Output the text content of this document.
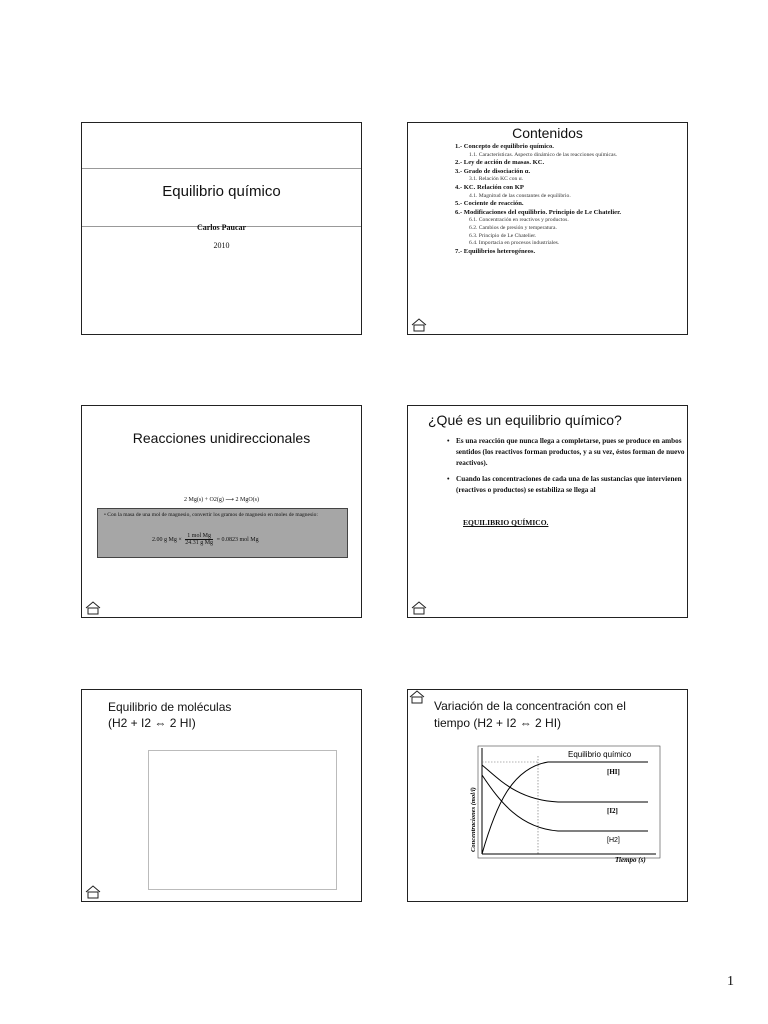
Equilibrio químico
Carlos Paucar
2010
Contenidos
1.- Concepto de equilibrio químico.
1.1. Características. Aspecto dinámico de las reacciones químicas.
2.- Ley de acción de masas. KC.
3.- Grado de disociación α.
3.1. Relación KC con α.
4.- KC. Relación con KP
4.1. Magnitud de las constantes de equilibrio.
5.- Cociente de reacción.
6.- Modificaciones del equilibrio. Principio de Le Chatelier.
6.1. Concentración en reactivos y productos.
6.2. Cambios de presión y temperatura.
6.3. Principio de Le Chatelier.
6.4. Importacia en procesos industriales.
7.- Equilibrios heterogéneos.
Reacciones unidireccionales
2 Mg(s) + O2(g) ⟶ 2 MgO(s)
• Con la masa de una mol de magnesio, convertir los gramos de magnesio en moles de magnesio:
2.00 g Mg ×
1 mol Mg
24.31 g Mg
= 0.0823 mol Mg
¿Qué es un equilibrio químico?
• Es una reacción que nunca llega a completarse, pues se produce en ambos sentidos (los reactivos forman productos, y a su vez, éstos forman de nuevo reactivos).
• Cuando las concentraciones de cada una de las sustancias que intervienen (reactivos o productos) se estabiliza se llega al
EQUILIBRIO QUÍMICO.
Equilibrio de moléculas
(H2 + I2 ⇔ 2 HI)
Variación de la concentración con el
tiempo (H2 + I2 ⇔ 2 HI)
Equilibrio químico
[HI]
[I2]
[H2]
Tiempo (s)
Concentraciones (mol/l)
1
